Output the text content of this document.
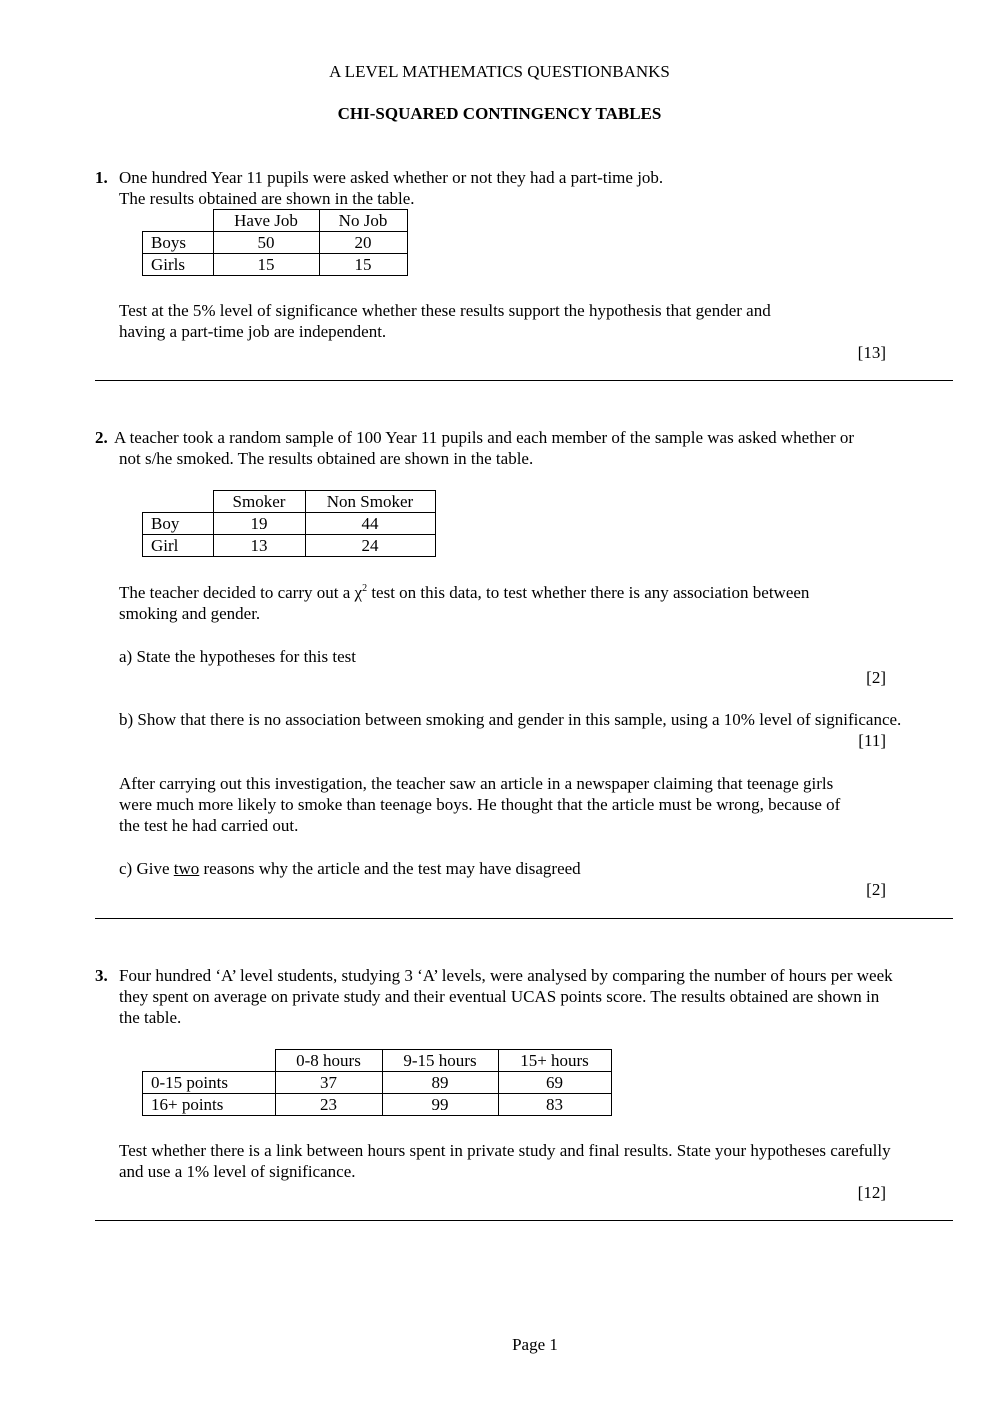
A LEVEL MATHEMATICS QUESTIONBANKS

CHI-SQUARED CONTINGENCY TABLES

1. One hundred Year 11 pupils were asked whether or not they had a part-time job.

The results obtained are shown in the table.

	Have Job	No Job
Boys	50	20
Girls	15	15

Test at the 5% level of significance whether these results support the hypothesis that gender and

having a part-time job are independent.

[13]

2. A teacher took a random sample of 100 Year 11 pupils and each member of the sample was asked whether or

not s/he smoked. The results obtained are shown in the table.

	Smoker	Non Smoker
Boy	19	44
Girl	13	24

The teacher decided to carry out a $\chi^2$ test on this data, to test whether there is any association between

smoking and gender.

a) State the hypotheses for this test

[2]

b) Show that there is no association between smoking and gender in this sample, using a 10% level of significance.

[11]

After carrying out this investigation, the teacher saw an article in a newspaper claiming that teenage girls

were much more likely to smoke than teenage boys. He thought that the article must be wrong, because of

the test he had carried out.

c) Give two reasons why the article and the test may have disagreed

[2]

3. Four hundred ‘A’ level students, studying 3 ‘A’ levels, were analysed by comparing the number of hours per week

they spent on average on private study and their eventual UCAS points score. The results obtained are shown in

the table.

	0-8 hours	9-15 hours	15+ hours
0-15 points	37	89	69
16+ points	23	99	83

Test whether there is a link between hours spent in private study and final results. State your hypotheses carefully

and use a 1% level of significance.

[12]

Page 1
